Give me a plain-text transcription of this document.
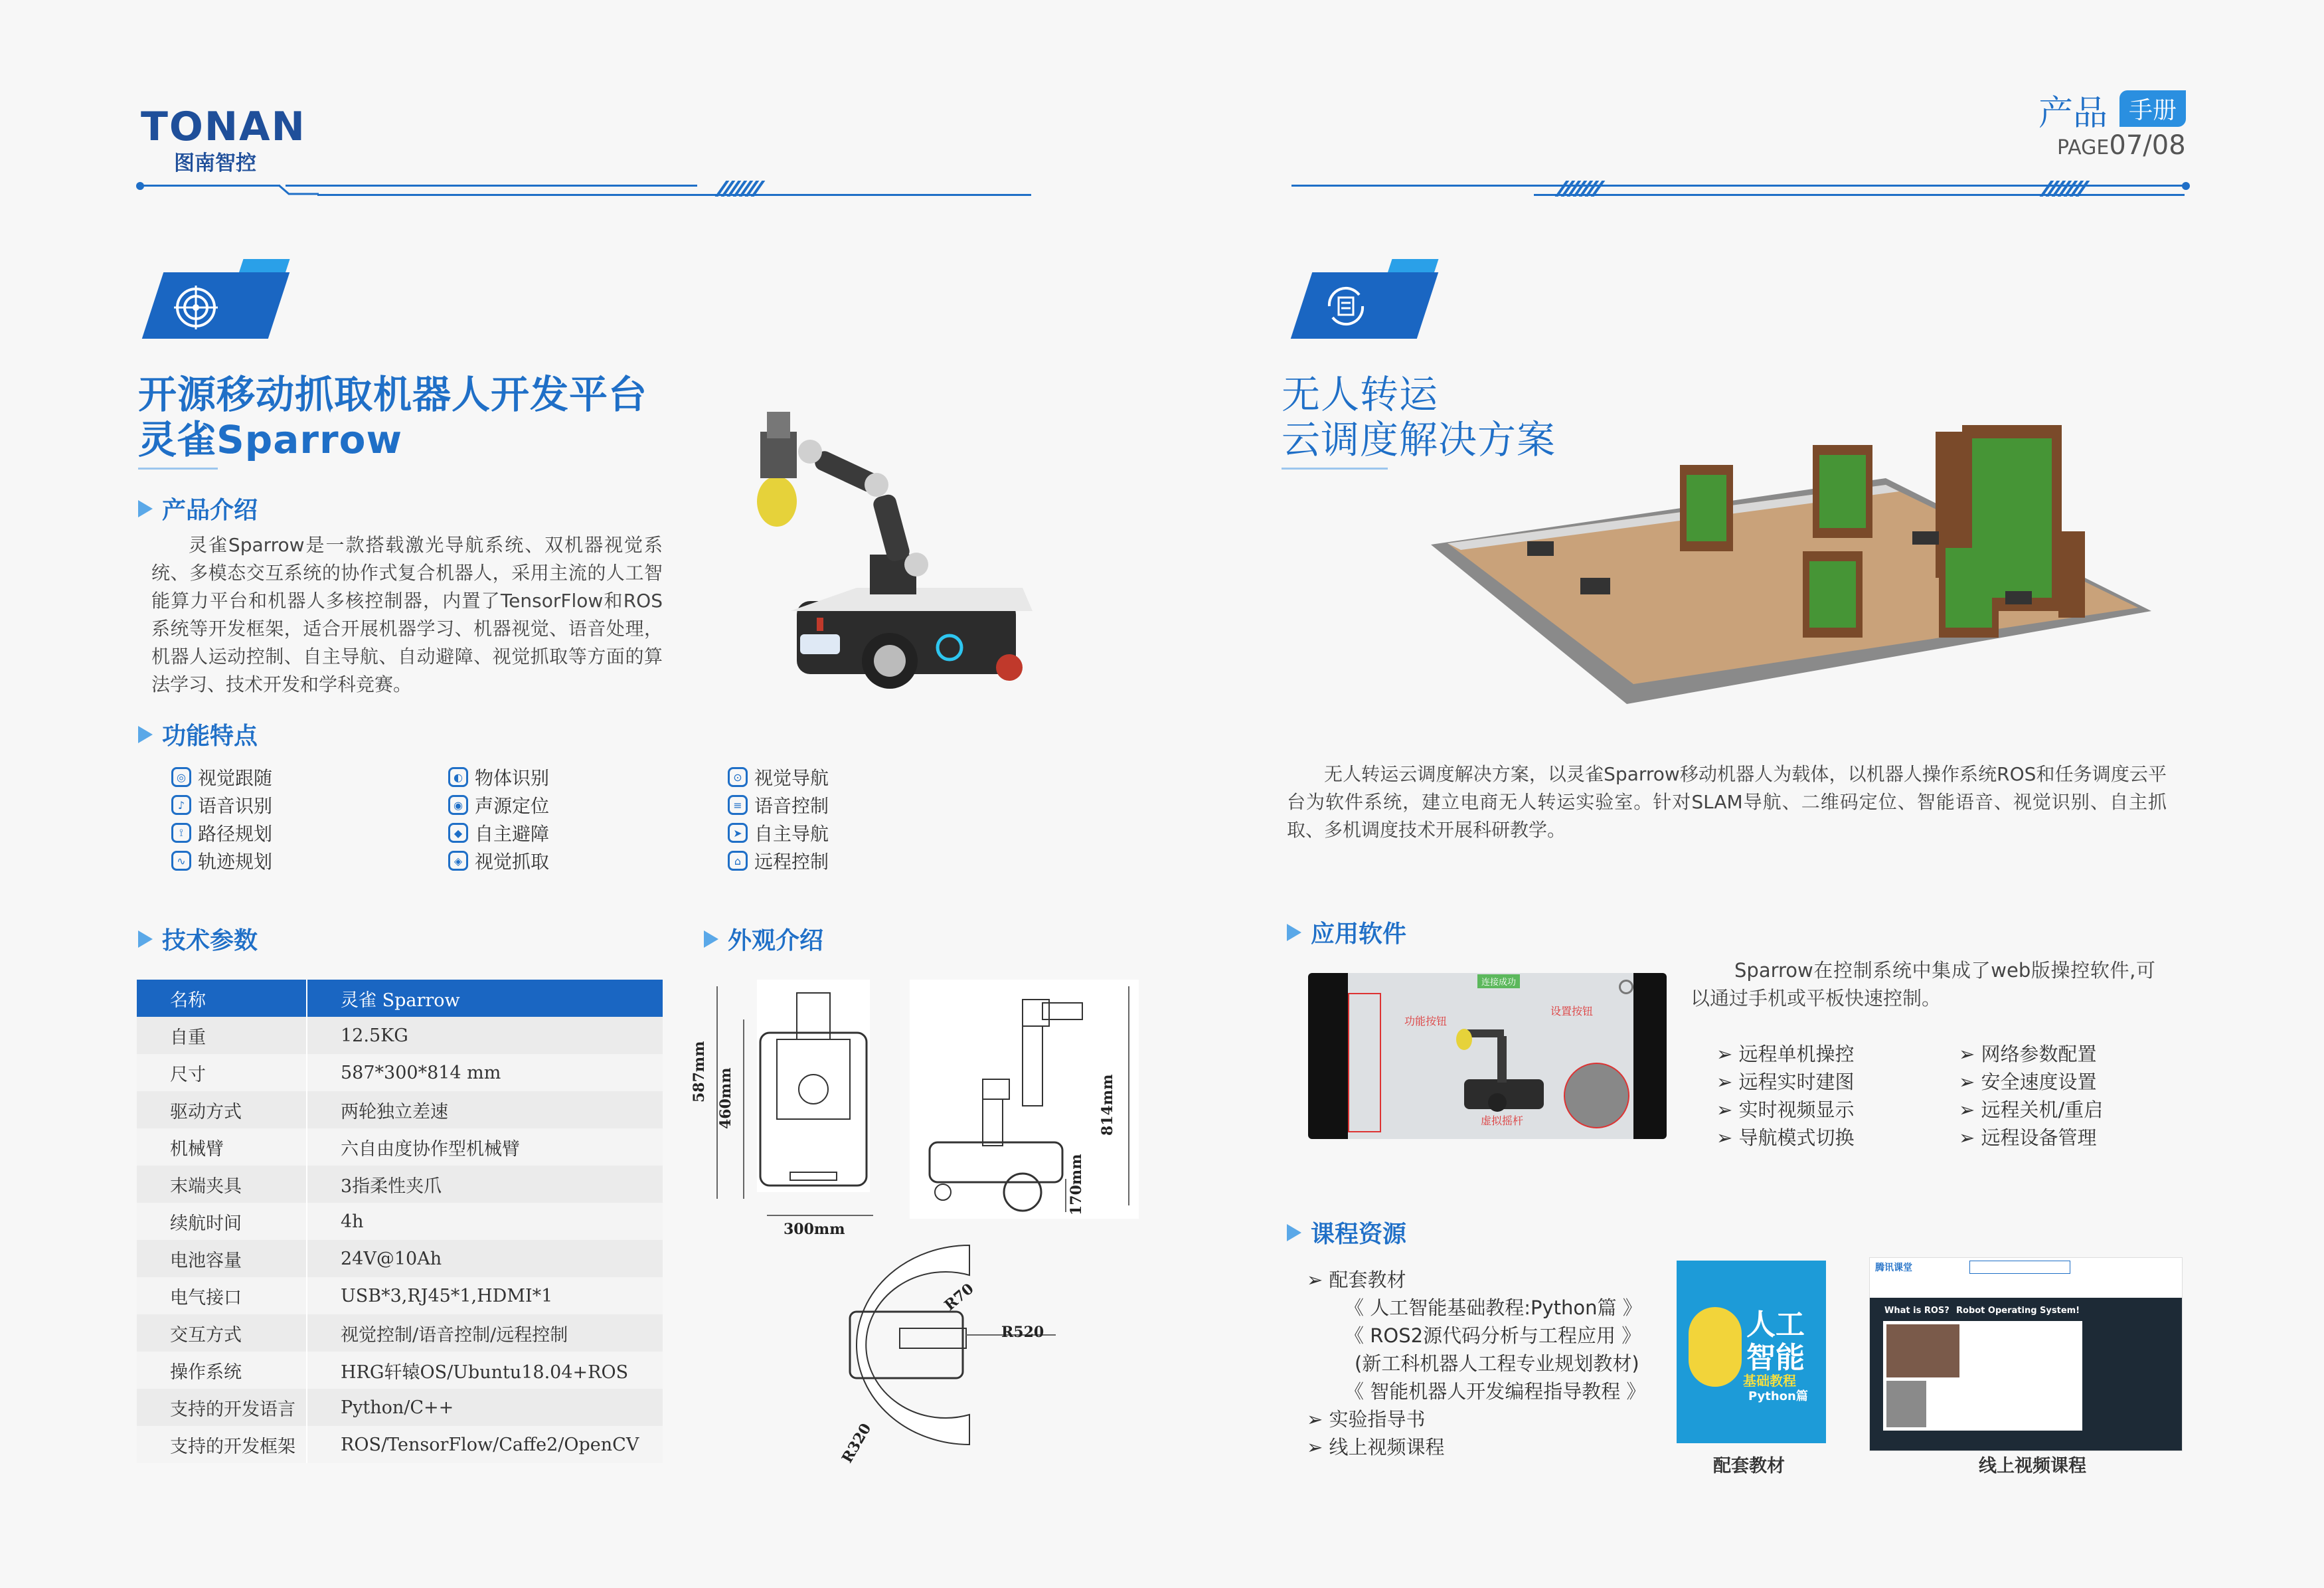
TONAN
图南智控
产品 手册
PAGE07/08
开源移动抓取机器人开发平台
灵雀Sparrow
产品介绍
灵雀Sparrow是一款搭载激光导航系统、双机器视觉系统、多模态交互系统的协作式复合机器人，采用主流的人工智能算力平台和机器人多核控制器，内置了TensorFlow和ROS系统等开发框架，适合开展机器学习、机器视觉、语音处理，机器人运动控制、自主导航、自动避障、视觉抓取等方面的算法学习、技术开发和学科竞赛。
功能特点
◎ 视觉跟随
♪ 语音识别
⟟ 路径规划
∿ 轨迹规划
◐ 物体识别
◉ 声源定位
◆ 自主避障
◈ 视觉抓取
⊙ 视觉导航
≡ 语音控制
➤ 自主导航
⌂ 远程控制
技术参数
名称	灵雀 Sparrow
自重	12.5KG
尺寸	587*300*814 mm
驱动方式	两轮独立差速
机械臂	六自由度协作型机械臂
末端夹具	3指柔性夹爪
续航时间	4h
电池容量	24V@10Ah
电气接口	USB*3,RJ45*1,HDMI*1
交互方式	视觉控制/语音控制/远程控制
操作系统	HRG轩辕OS/Ubuntu18.04+ROS
支持的开发语言	Python/C++
支持的开发框架	ROS/TensorFlow/Caffe2/OpenCV
外观介绍
587mm 460mm
300mm
814mm
170mm
R70
R520
R320
无人转运
云调度解决方案
无人转运云调度解决方案，以灵雀Sparrow移动机器人为载体，以机器人操作系统ROS和任务调度云平台为软件系统，建立电商无人转运实验室。针对SLAM导航、二维码定位、智能语音、视觉识别、自主抓取、多机调度技术开展科研教学。
应用软件
连接成功
功能按钮
设置按钮
虚拟摇杆
Sparrow在控制系统中集成了web版操控软件,可以通过手机或平板快速控制。
➢ 远程单机操控
➢ 远程实时建图
➢ 实时视频显示
➢ 导航模式切换
➢ 网络参数配置
➢ 安全速度设置
➢ 远程关机/重启
➢ 远程设备管理
课程资源
➢ 配套教材
《 人工智能基础教程:Python篇 》
《 ROS2源代码分析与工程应用 》
(新工科机器人工程专业规划教材)
《 智能机器人开发编程指导教程 》
➢ 实验指导书
➢ 线上视频课程
人工
智能
基础教程
Python篇
配套教材
腾讯课堂
What is ROS? Robot Operating System!
线上视频课程
